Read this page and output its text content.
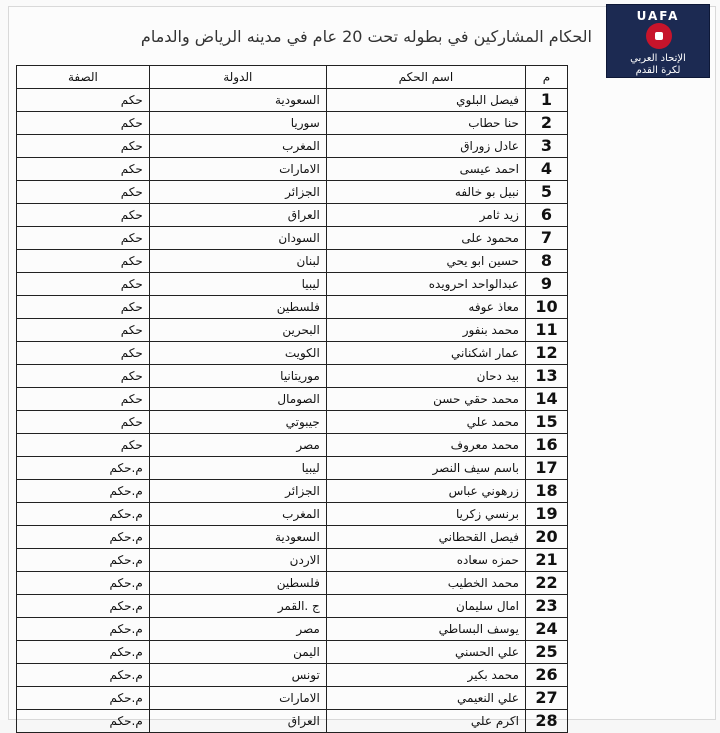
UAFA
الإتحاد العربي
لكرة القدم
الحكام المشاركين في بطوله تحت 20 عام في مدينه الرياض والدمام
م	اسم الحكم	الدولة	الصفة
1	فيصل البلوي	السعودية	حكم
2	حنا حطاب	سوريا	حكم
3	عادل زوراق	المغرب	حكم
4	احمد عيسى	الامارات	حكم
5	نبيل بو خالفه	الجزائر	حكم
6	زيد ثامر	العراق	حكم
7	محمود على	السودان	حكم
8	حسين ابو يحي	لبنان	حكم
9	عبدالواحد احرويده	ليبيا	حكم
10	معاذ عوفه	فلسطين	حكم
11	محمد بنفور	البحرين	حكم
12	عمار اشكناني	الكويت	حكم
13	بيد دحان	موريتانيا	حكم
14	محمد حقي حسن	الصومال	حكم
15	محمد علي	جيبوتي	حكم
16	محمد معروف	مصر	حكم
17	باسم سيف النصر	ليبيا	م.حكم
18	زرهوني عباس	الجزائر	م.حكم
19	برنسي زكريا	المغرب	م.حكم
20	فيصل القحطاني	السعودية	م.حكم
21	حمزه سعاده	الاردن	م.حكم
22	محمد الخطيب	فلسطين	م.حكم
23	امال سليمان	ج .القمر	م.حكم
24	يوسف البساطي	مصر	م.حكم
25	علي الحسني	اليمن	م.حكم
26	محمد بكير	تونس	م.حكم
27	علي النعيمي	الامارات	م.حكم
28	اكرم علي	العراق	م.حكم
